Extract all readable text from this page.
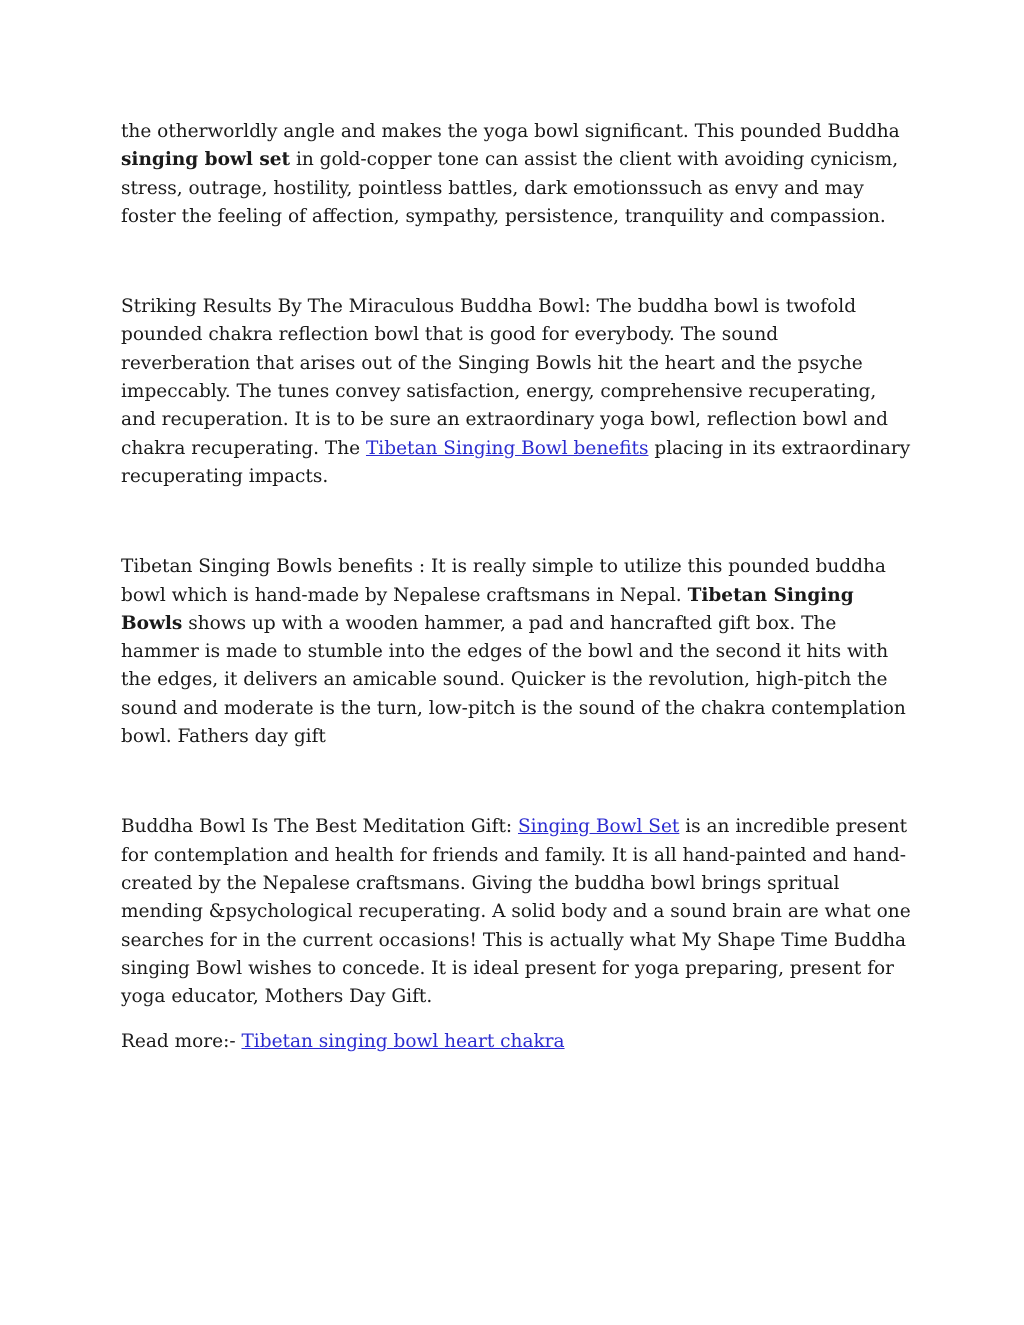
the otherworldly angle and makes the yoga bowl significant. This pounded Buddha singing bowl set in gold-copper tone can assist the client with avoiding cynicism, stress, outrage, hostility, pointless battles, dark emotionssuch as envy and may foster the feeling of affection, sympathy, persistence, tranquility and compassion.

Striking Results By The Miraculous Buddha Bowl: The buddha bowl is twofold pounded chakra reflection bowl that is good for everybody. The sound reverberation that arises out of the Singing Bowls hit the heart and the psyche impeccably. The tunes convey satisfaction, energy, comprehensive recuperating, and recuperation. It is to be sure an extraordinary yoga bowl, reflection bowl and chakra recuperating. The Tibetan Singing Bowl benefits placing in its extraordinary recuperating impacts.

Tibetan Singing Bowls benefits : It is really simple to utilize this pounded buddha bowl which is hand-made by Nepalese craftsmans in Nepal. Tibetan Singing Bowls shows up with a wooden hammer, a pad and hancrafted gift box. The hammer is made to stumble into the edges of the bowl and the second it hits with the edges, it delivers an amicable sound. Quicker is the revolution, high-pitch the sound and moderate is the turn, low-pitch is the sound of the chakra contemplation bowl. Fathers day gift

Buddha Bowl Is The Best Meditation Gift: Singing Bowl Set is an incredible present for contemplation and health for friends and family. It is all hand-painted and hand-created by the Nepalese craftsmans. Giving the buddha bowl brings spritual mending &psychological recuperating. A solid body and a sound brain are what one searches for in the current occasions! This is actually what My Shape Time Buddha singing Bowl wishes to concede. It is ideal present for yoga preparing, present for yoga educator, Mothers Day Gift.

Read more:- Tibetan singing bowl heart chakra
